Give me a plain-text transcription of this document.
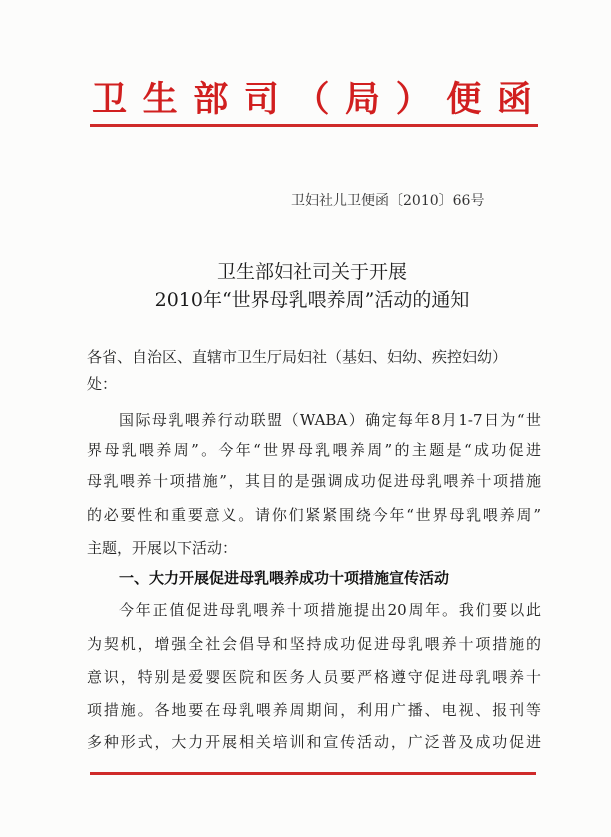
卫 生 部 司 （ 局 ） 便 函
卫妇社儿卫便函〔2010〕66号
卫生部妇社司关于开展
2010年“世界母乳喂养周”活动的通知
各省、自治区、直辖市卫生厅局妇社（基妇、妇幼、疾控妇幼）
处：
国际母乳喂养行动联盟（WABA）确定每年8月1-7日为“世
界母乳喂养周”。今年“世界母乳喂养周”的主题是“成功促进
母乳喂养十项措施”，其目的是强调成功促进母乳喂养十项措施
的必要性和重要意义。请你们紧紧围绕今年“世界母乳喂养周”
主题，开展以下活动：
一、大力开展促进母乳喂养成功十项措施宣传活动
今年正值促进母乳喂养十项措施提出20周年。我们要以此
为契机，增强全社会倡导和坚持成功促进母乳喂养十项措施的
意识，特别是爱婴医院和医务人员要严格遵守促进母乳喂养十
项措施。各地要在母乳喂养周期间，利用广播、电视、报刊等
多种形式，大力开展相关培训和宣传活动，广泛普及成功促进
